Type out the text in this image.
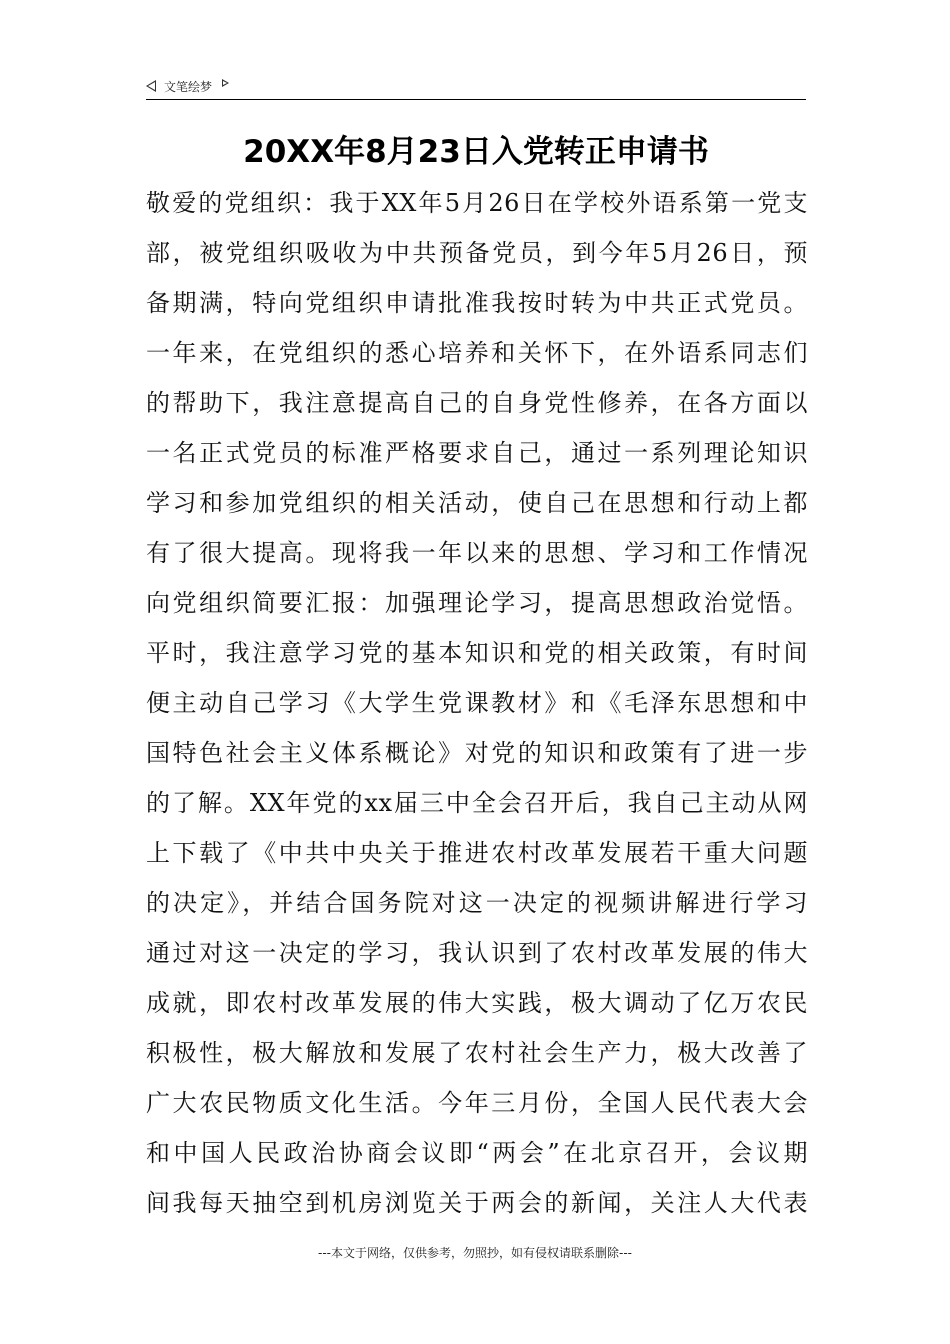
文笔绘梦
20XX年8月23日入党转正申请书
敬爱的党组织：我于XX年5月26日在学校外语系第一党支
部，被党组织吸收为中共预备党员，到今年5月26日，预
备期满，特向党组织申请批准我按时转为中共正式党员。
一年来，在党组织的悉心培养和关怀下，在外语系同志们
的帮助下，我注意提高自己的自身党性修养，在各方面以
一名正式党员的标准严格要求自己，通过一系列理论知识
学习和参加党组织的相关活动，使自己在思想和行动上都
有了很大提高。现将我一年以来的思想、学习和工作情况
向党组织简要汇报：加强理论学习，提高思想政治觉悟。
平时，我注意学习党的基本知识和党的相关政策，有时间
便主动自己学习《大学生党课教材》和《毛泽东思想和中
国特色社会主义体系概论》对党的知识和政策有了进一步
的了解。XX年党的xx届三中全会召开后，我自己主动从网
上下载了《中共中央关于推进农村改革发展若干重大问题
的决定》，并结合国务院对这一决定的视频讲解进行学习
通过对这一决定的学习，我认识到了农村改革发展的伟大
成就，即农村改革发展的伟大实践，极大调动了亿万农民
积极性，极大解放和发展了农村社会生产力，极大改善了
广大农民物质文化生活。今年三月份，全国人民代表大会
和中国人民政治协商会议即“两会”在北京召开，会议期
间我每天抽空到机房浏览关于两会的新闻，关注人大代表
---本文于网络，仅供参考，勿照抄，如有侵权请联系删除---
